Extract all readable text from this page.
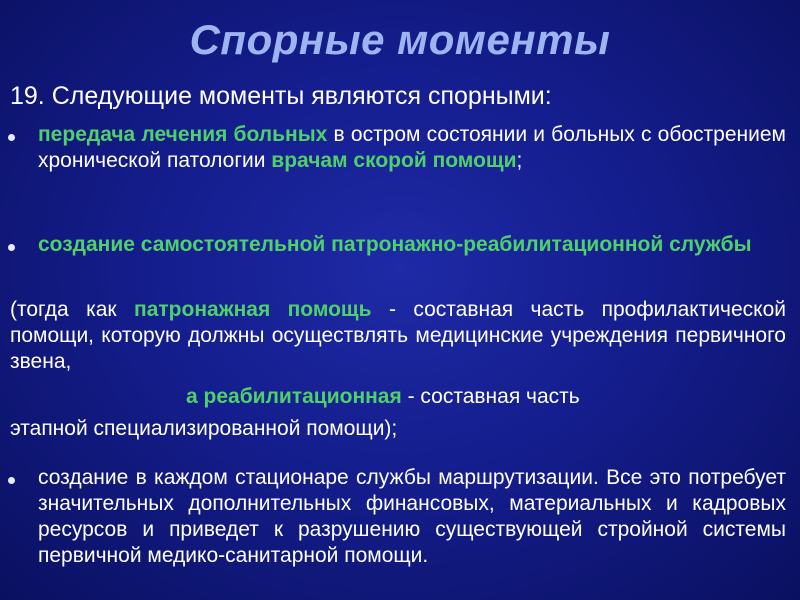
Спорные моменты
19. Следующие моменты являются спорными:
передача лечения больных в остром состоянии и больных с обострением хронической патологии врачам скорой помощи;
создание самостоятельной патронажно-реабилитационной службы
(тогда как патронажная помощь - составная часть профилактической помощи, которую должны осуществлять медицинские учреждения первичного звена,
а реабилитационная - составная часть
этапной специализированной помощи);
создание в каждом стационаре службы маршрутизации. Все это потребует значительных дополнительных финансовых, материальных и кадровых ресурсов и приведет к разрушению существующей стройной системы первичной медико-санитарной помощи.
